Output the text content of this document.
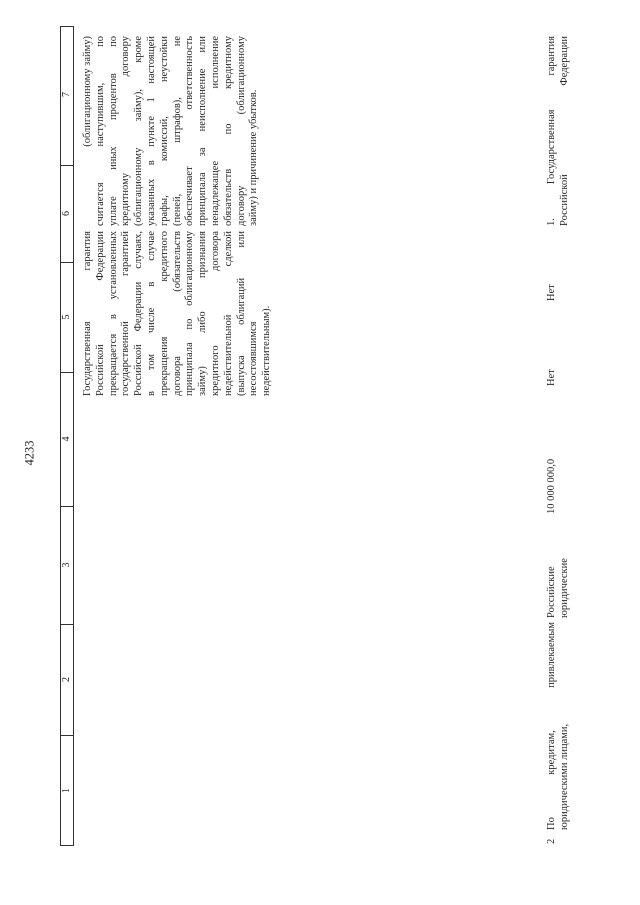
4233
1
2
3
4
5
6
7 (облигационному займу) считается наступившим, по уплате иных процентов по кредитному договору (облигационному займу), кроме указанных в пункте 1 настоящей графы, комиссий, неустойки (пеней, штрафов), не обеспечивает ответственность принципала за неисполнение или ненадлежащее исполнение обязательств по кредитному договору (облигационному займу) и причинение убытков.
Государственная гарантия Российской Федерации прекращается в установленных государственной гарантией Российской Федерации случаях, в том числе в случае прекращения кредитного договора (обязательств принципала по облигационному займу) либо признания кредитного договора недействительной сделкой (выпуска облигаций или несостоявшимся недействительным).
2
По кредитам, привлекаемым юридическими лицами,
Российские юридические
10 000 000,0
Нет
Нет
1. Государственная гарантия Российской Федерации
